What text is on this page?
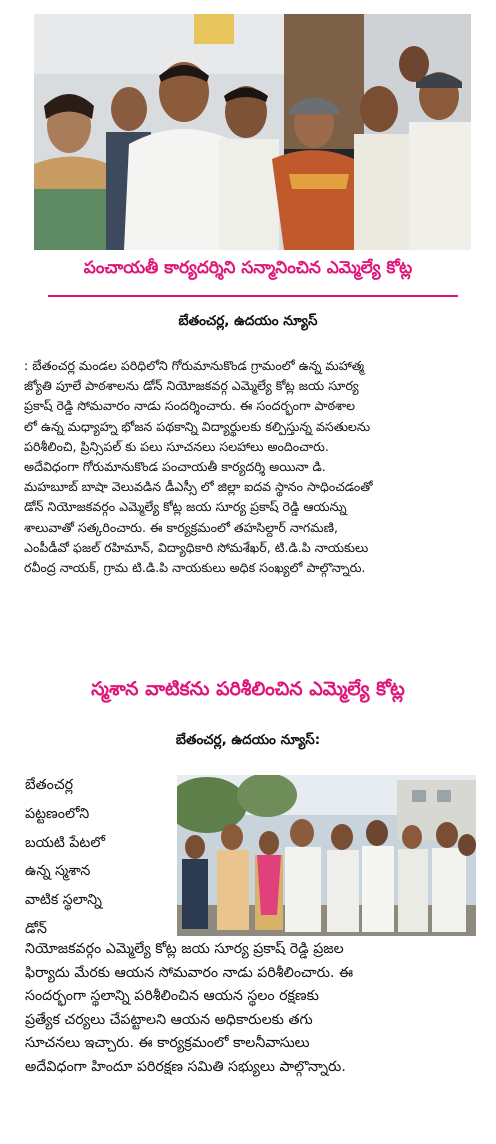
పంచాయతీ కార్యదర్శిని సన్మానించిన ఎమ్మెల్యే కోట్ల
బేతంచర్ల, ఉదయం న్యూస్
: బేతంచర్ల మండల పరిధిలోని గోరుమానుకొండ గ్రామంలో ఉన్న మహాత్మ
జ్యోతి పూలే పాఠశాలను డోన్ నియోజకవర్గ ఎమ్మెల్యే కోట్ల జయ సూర్య
ప్రకాష్ రెడ్డి సోమవారం నాడు సందర్శించారు. ఈ సందర్భంగా పాఠశాల
లో ఉన్న మధ్యాహ్న భోజన పథకాన్ని విద్యార్థులకు కల్పిస్తున్న వసతులను
పరిశీలించి, ప్రిన్సిపల్ కు పలు సూచనలు సలహాలు అందించారు.
అదేవిధంగా గోరుమానుకొండ పంచాయతీ కార్యదర్శి అయినా డి.
మహబూబ్ బాషా వెలువడిన డీఎస్సీ లో జిల్లా ఐదవ స్థానం సాధించడంతో
డోన్ నియోజకవర్గం ఎమ్మెల్యే కోట్ల జయ సూర్య ప్రకాష్ రెడ్డి ఆయన్ను
శాలువాతో సత్కరించారు. ఈ కార్యక్రమంలో తహసిల్దార్ నాగమణి,
ఎంపీడీవో ఫజల్ రహిమాన్, విద్యాధికారి సోమశేఖర్, టి.డి.పి నాయకులు
రవీంద్ర నాయక్, గ్రామ టి.డి.పి నాయకులు అధిక సంఖ్యలో పాల్గొన్నారు.
స్మశాన వాటికను పరిశీలించిన ఎమ్మెల్యే కోట్ల
బేతంచర్ల, ఉదయం న్యూస్:
బేతంచర్ల
పట్టణంలోని
బయటి పేటలో
ఉన్న స్మశాన
వాటిక స్థలాన్ని
డోన్
నియోజకవర్గం ఎమ్మెల్యే కోట్ల జయ సూర్య ప్రకాష్ రెడ్డి ప్రజల
ఫిర్యాదు మేరకు ఆయన సోమవారం నాడు పరిశీలించారు. ఈ
సందర్భంగా స్థలాన్ని పరిశీలించిన ఆయన స్థలం రక్షణకు
ప్రత్యేక చర్యలు చేపట్టాలని ఆయన అధికారులకు తగు
సూచనలు ఇచ్చారు. ఈ కార్యక్రమంలో కాలనీవాసులు
అదేవిధంగా హిందూ పరిరక్షణ సమితి సభ్యులు పాల్గొన్నారు.
